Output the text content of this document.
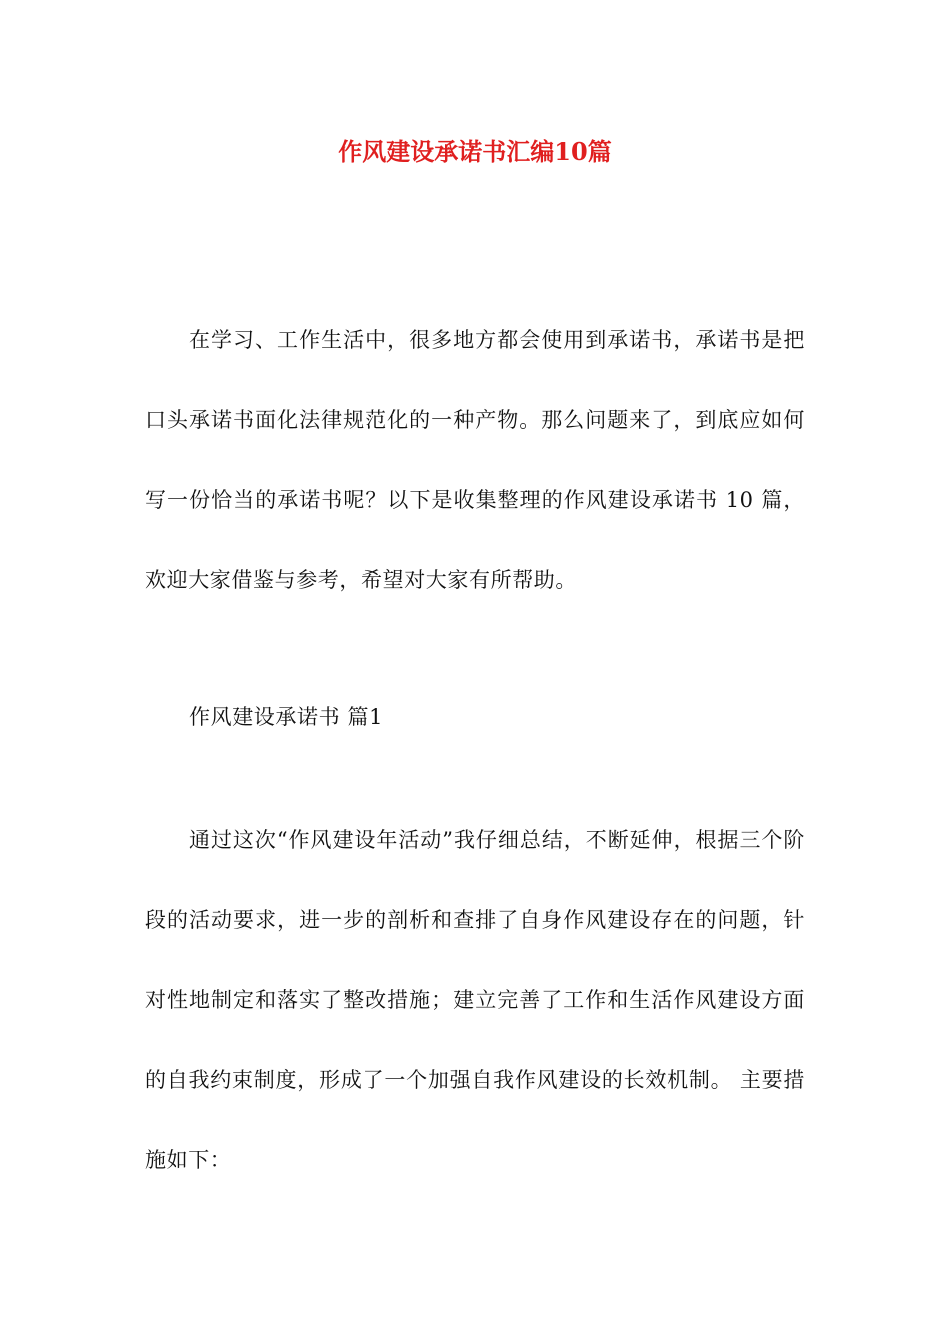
作风建设承诺书汇编10篇

在学习、工作生活中，很多地方都会使用到承诺书，承诺书是把口头承诺书面化法律规范化的一种产物。那么问题来了，到底应如何写一份恰当的承诺书呢？以下是收集整理的作风建设承诺书 10 篇，欢迎大家借鉴与参考，希望对大家有所帮助。

作风建设承诺书 篇1

通过这次“作风建设年活动”我仔细总结，不断延伸，根据三个阶段的活动要求，进一步的剖析和查排了自身作风建设存在的问题，针对性地制定和落实了整改措施；建立完善了工作和生活作风建设方面的自我约束制度，形成了一个加强自我作风建设的长效机制。 主要措施如下：
